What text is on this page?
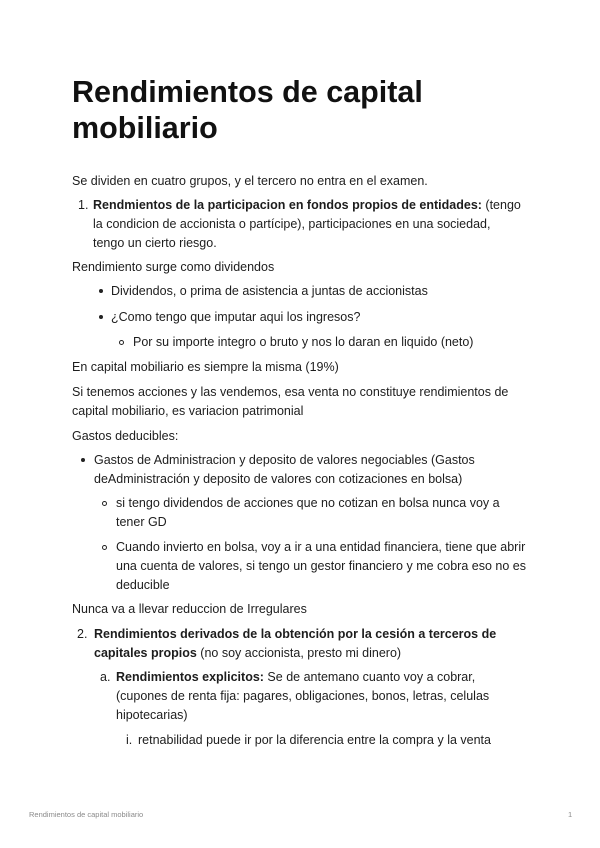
Rendimientos de capital mobiliario

Se dividen en cuatro grupos, y el tercero no entra en el examen.

1. Rendmientos de la participacion en fondos propios de entidades: (tengo la condicion de accionista o partícipe), participaciones en una sociedad, tengo un cierto riesgo.

Rendimiento surge como dividendos

Dividendos, o prima de asistencia a juntas de accionistas

¿Como tengo que imputar aqui los ingresos?

Por su importe integro o bruto y nos lo daran en liquido (neto)

En capital mobiliario es siempre la misma (19%)

Si tenemos acciones y las vendemos, esa venta no constituye rendimientos de capital mobiliario, es variacion patrimonial

Gastos deducibles:

Gastos de Administracion y deposito de valores negociables (Gastos deAdministración y deposito de valores con cotizaciones en bolsa)

si tengo dividendos de acciones que no cotizan en bolsa nunca voy a tener GD

Cuando invierto en bolsa, voy a ir a una entidad financiera, tiene que abrir una cuenta de valores, si tengo un gestor financiero y me cobra eso no es deducible

Nunca va a llevar reduccion de Irregulares

2. Rendimientos derivados de la obtención por la cesión a terceros de capitales propios (no soy accionista, presto mi dinero)

a. Rendimientos explicitos: Se de antemano cuanto voy a cobrar, (cupones de renta fija: pagares, obligaciones, bonos, letras, celulas hipotecarias)

i. retnabilidad puede ir por la diferencia entre la compra y la venta

Rendimientos de capital mobiliario	1
